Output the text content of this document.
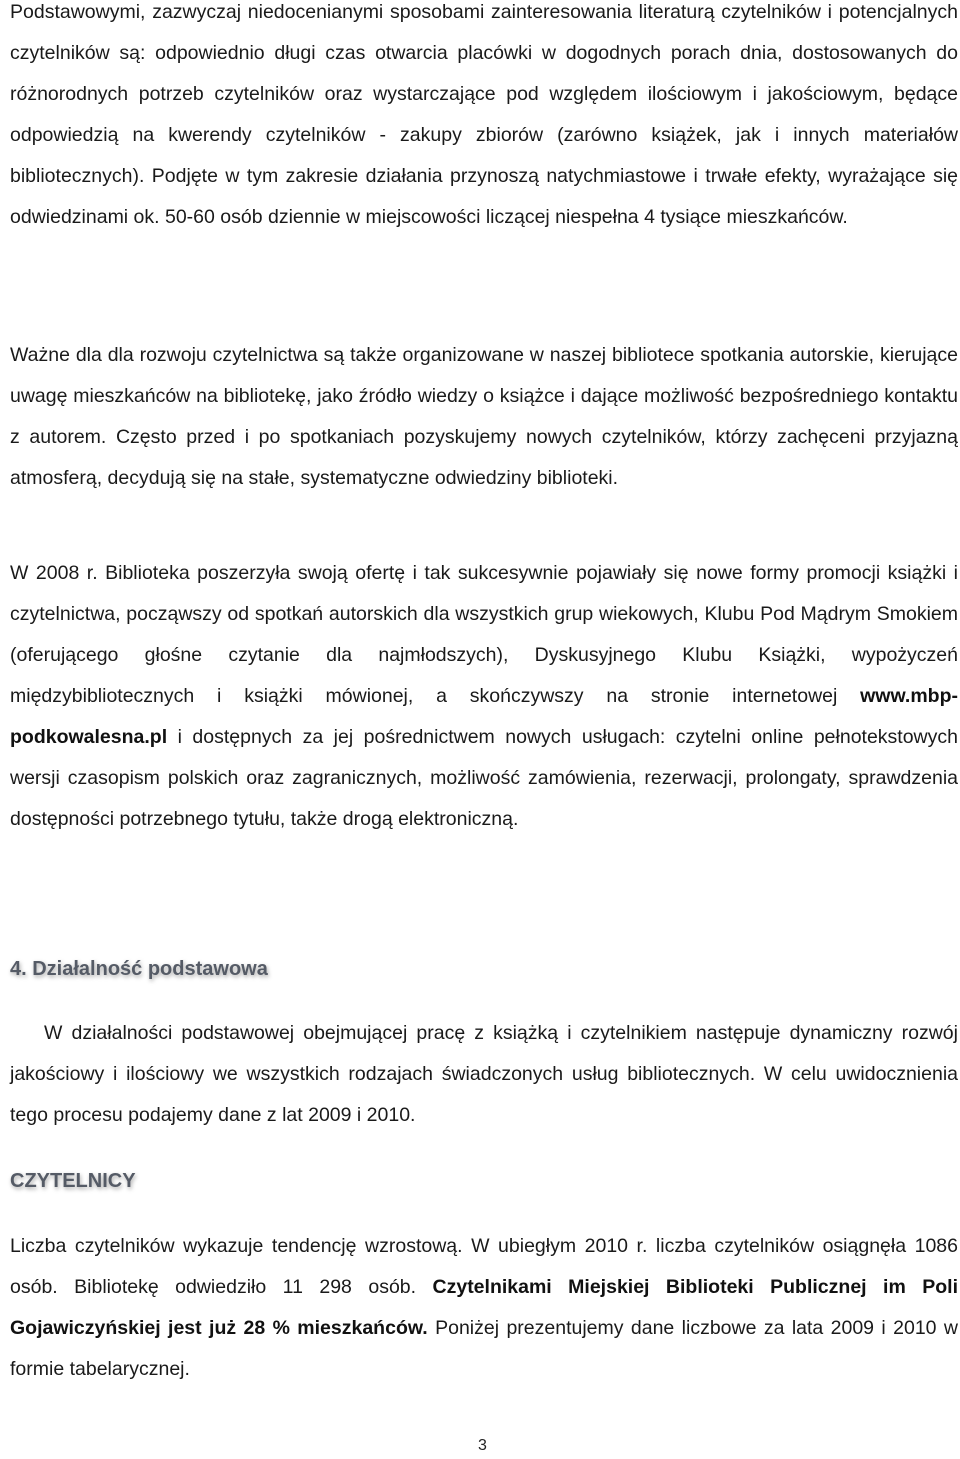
Podstawowymi, zazwyczaj niedocenianymi sposobami zainteresowania literaturą czytelników i potencjalnych czytelników są: odpowiednio długi czas otwarcia placówki w dogodnych porach dnia, dostosowanych do różnorodnych potrzeb czytelników oraz wystarczające pod względem ilościowym i jakościowym, będące odpowiedzią na kwerendy czytelników - zakupy zbiorów (zarówno książek, jak i innych materiałów bibliotecznych). Podjęte w tym zakresie działania przynoszą natychmiastowe i trwałe efekty, wyrażające się odwiedzinami ok. 50-60 osób dziennie w miejscowości liczącej niespełna 4 tysiące mieszkańców.

Ważne dla dla rozwoju czytelnictwa są także organizowane w naszej bibliotece spotkania autorskie, kierujące uwagę mieszkańców na bibliotekę, jako źródło wiedzy o książce i dające możliwość bezpośredniego kontaktu z autorem. Często przed i po spotkaniach pozyskujemy nowych czytelników, którzy zachęceni przyjazną atmosferą, decydują się na stałe, systematyczne odwiedziny biblioteki.

W 2008 r. Biblioteka poszerzyła swoją ofertę i tak sukcesywnie pojawiały się nowe formy promocji książki i czytelnictwa, począwszy od spotkań autorskich dla wszystkich grup wiekowych, Klubu Pod Mądrym Smokiem (oferującego głośne czytanie dla najmłodszych), Dyskusyjnego Klubu Książki, wypożyczeń międzybibliotecznych i książki mówionej, a skończywszy na stronie internetowej www.mbp-podkowalesna.pl i dostępnych za jej pośrednictwem nowych usługach: czytelni online pełnotekstowych wersji czasopism polskich oraz zagranicznych, możliwość zamówienia, rezerwacji, prolongaty, sprawdzenia dostępności potrzebnego tytułu, także drogą elektroniczną.

4. Działalność podstawowa

W działalności podstawowej obejmującej pracę z książką i czytelnikiem następuje dynamiczny rozwój jakościowy i ilościowy we wszystkich rodzajach świadczonych usług bibliotecznych. W celu uwidocznienia tego procesu podajemy dane z lat 2009 i 2010.

CZYTELNICY

Liczba czytelników wykazuje tendencję wzrostową. W ubiegłym 2010 r. liczba czytelników osiągnęła 1086 osób. Bibliotekę odwiedziło 11 298 osób. Czytelnikami Miejskiej Biblioteki Publicznej im Poli Gojawiczyńskiej jest już 28 % mieszkańców. Poniżej prezentujemy dane liczbowe za lata 2009 i 2010 w formie tabelarycznej.

3
